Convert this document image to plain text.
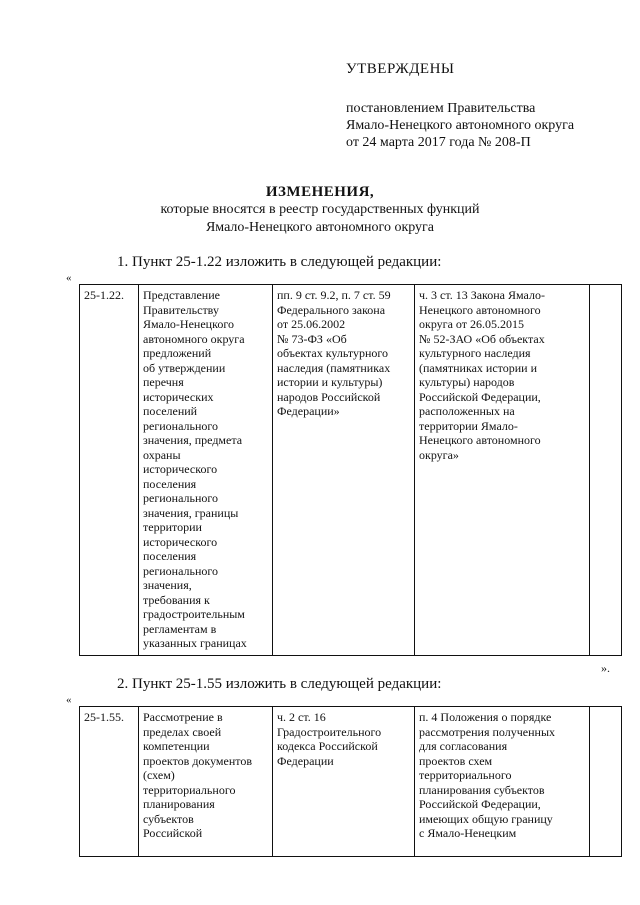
УТВЕРЖДЕНЫ

постановлением Правительства

Ямало-Ненецкого автономного округа

от 24 марта 2017 года № 208-П

ИЗМЕНЕНИЯ,
которые вносятся в реестр государственных функций
Ямало-Ненецкого автономного округа
1. Пункт 25-1.22 изложить в следующей редакции:
«
25-1.22.	Представление
Правительству
Ямало-Ненецкого
автономного округа
предложений
об утверждении
перечня
исторических
поселений
регионального
значения, предмета
охраны
исторического
поселения
регионального
значения, границы
территории
исторического
поселения
регионального
значения,
требования к
градостроительным
регламентам в
указанных границах	пп. 9 ст. 9.2, п. 7 ст. 59
Федерального закона
от 25.06.2002
№ 73-ФЗ «Об
объектах культурного
наследия (памятниках
истории и культуры)
народов Российской
Федерации»	ч. 3 ст. 13 Закона Ямало-
Ненецкого автономного
округа от 26.05.2015
№ 52-ЗАО «Об объектах
культурного наследия
(памятниках истории и
культуры) народов
Российской Федерации,
расположенных на
территории Ямало-
Ненецкого автономного
округа»	
».
2. Пункт 25-1.55 изложить в следующей редакции:
«
25-1.55.	Рассмотрение в
пределах своей
компетенции
проектов документов
(схем)
территориального
планирования
субъектов
Российской	ч. 2 ст. 16
Градостроительного
кодекса Российской
Федерации	п. 4 Положения о порядке
рассмотрения полученных
для согласования
проектов схем
территориального
планирования субъектов
Российской Федерации,
имеющих общую границу
с Ямало-Ненецким	
